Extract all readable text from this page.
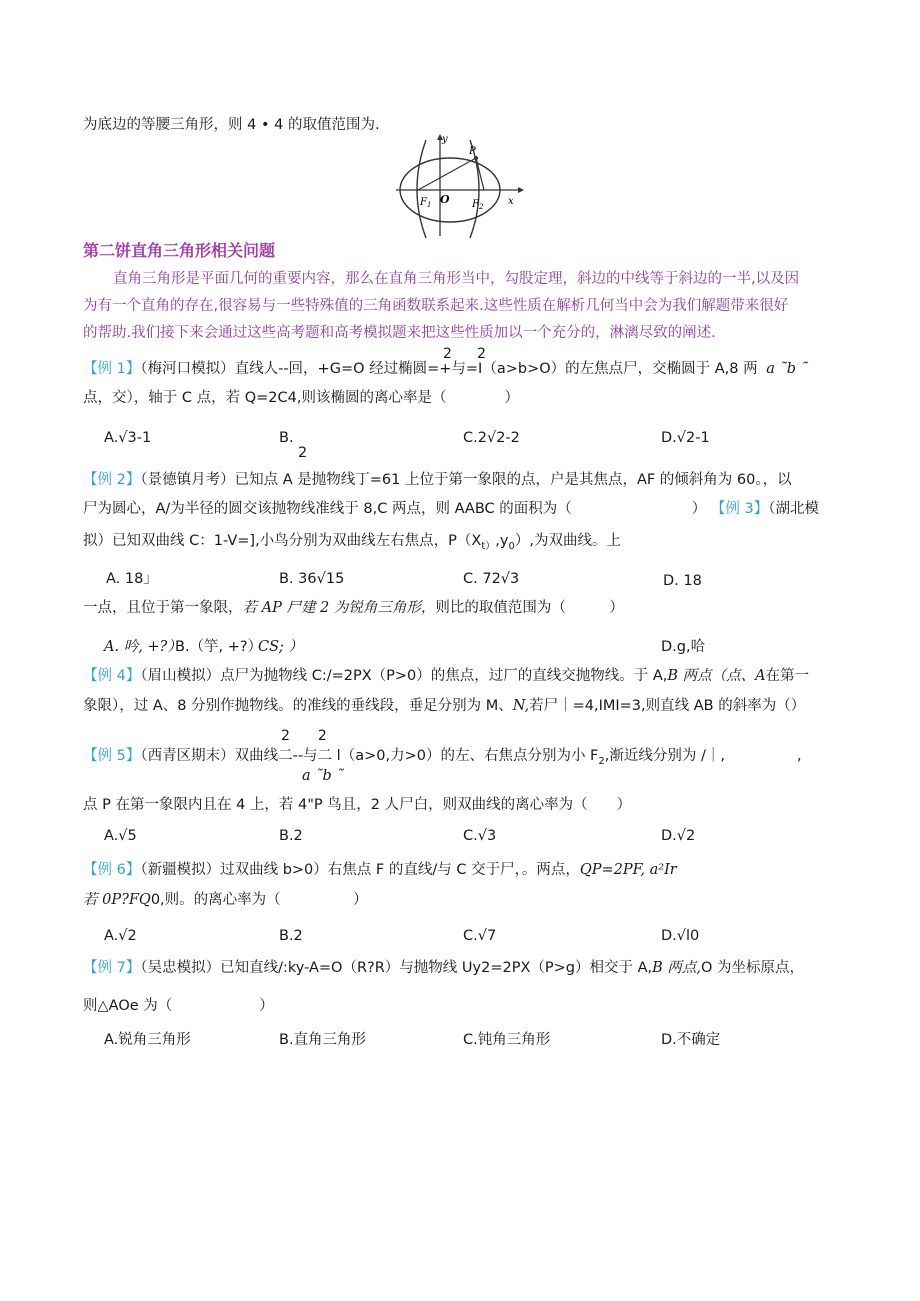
为底边的等腰三角形，则 4 • 4 的取值范围为.
y
P
x
O
$F_1$	$F_2$
第二饼直角三角形相关问题
直角三角形是平面几何的重要内容，那么在直角三角形当中，勾股定理，斜边的中线等于斜边的一半,以及因
为有一个直角的存在,很容易与一些特殊值的三角函数联系起来.这些性质在解析几何当中会为我们解题带来很好
的帮助.我们接下来会通过这些高考题和高考模拟题来把这些性质加以一个充分的，淋漓尽致的阐述.
2 2
【例 1】（梅河口模拟）直线人--回，+G=O 经过椭圆=+与=I（a>b>O）的左焦点尸，交椭圆于 A,8 两 a ˜b ˜
点，交），轴于 C 点，若 Q=2C4,则该椭圆的离心率是（　　　　）
A.√3-1	B.
2
C.2√2-2	D.√2-1
【例 2】（景德镇月考）已知点 A 是抛物线丁=61 上位于第一象限的点，户是其焦点，AF 的倾斜角为 60。，以
尸为圆心，A/为半径的圆交该抛物线准线于 8,C 两点，则 AABC 的面积为（	） 【例 3】（湖北模
拟）已知双曲线 C：1-V=],小鸟分别为双曲线左右焦点，$P(X_{t)},y_0)$,为双曲线。上
A. 18」	B. 36√15	C. 72√3	D. 18
一点，且位于第一象限，若 AP 尸建 2 为锐角三角形，则比的取值范围为（　　　）
A. 吟, +?）
B.（竽, +?）
CS; ）	D.g,哈
【例 4】（眉山模拟）点尸为抛物线 C:/=2PX（P>0）的焦点，过厂的直线交抛物线。于 A,B 两点（点、A在第一
象限），过 A、8 分别作抛物线。的准线的垂线段，垂足分别为 M、N,若尸｜=4,IMI=3,则直线 AB 的斜率为（）
2　　2
【例 5】（西青区期末）双曲线二--与二 l（a>0,力>0）的左、右焦点分别为小 $F_2$,渐近线分别为 /｜,	,
a ˜b ˜
点 P 在第一象限内且在 4 上，若 4"P 鸟且，2 人尸白，则双曲线的离心率为（　　）
A.√5	B.2	C.√3	D.√2
【例 6】（新疆模拟）过双曲线 b>0）右焦点 F 的直线/与 C 交于尸，。两点，QP=2PF, a²Ir
若 0P?FQ0,则。的离心率为（　　　　　）
A.√2	B.2	C.√7	D.√l0
【例 7】（吴忠模拟）已知直线/:ky-A=O（R?R）与抛物线 Uy2=2PX（P>g）相交于 A,B 两点,O 为坐标原点，
则△AOe 为（　　　　　　）
A.锐角三角形	B.直角三角形	C.钝角三角形	D.不确定
